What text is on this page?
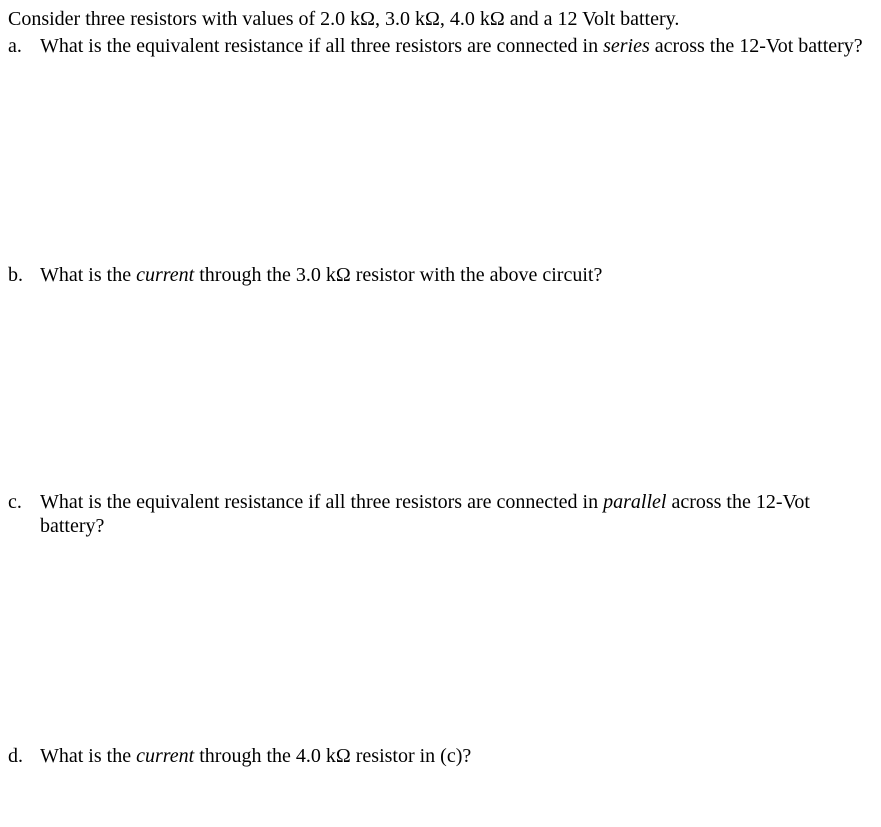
Consider three resistors with values of 2.0 kΩ, 3.0 kΩ, 4.0 kΩ and a 12 Volt battery.
a. What is the equivalent resistance if all three resistors are connected in series across the 12-Vot battery?
b. What is the current through the 3.0 kΩ resistor with the above circuit?
c. What is the equivalent resistance if all three resistors are connected in parallel across the 12-Vot battery?
d. What is the current through the 4.0 kΩ resistor in (c)?
